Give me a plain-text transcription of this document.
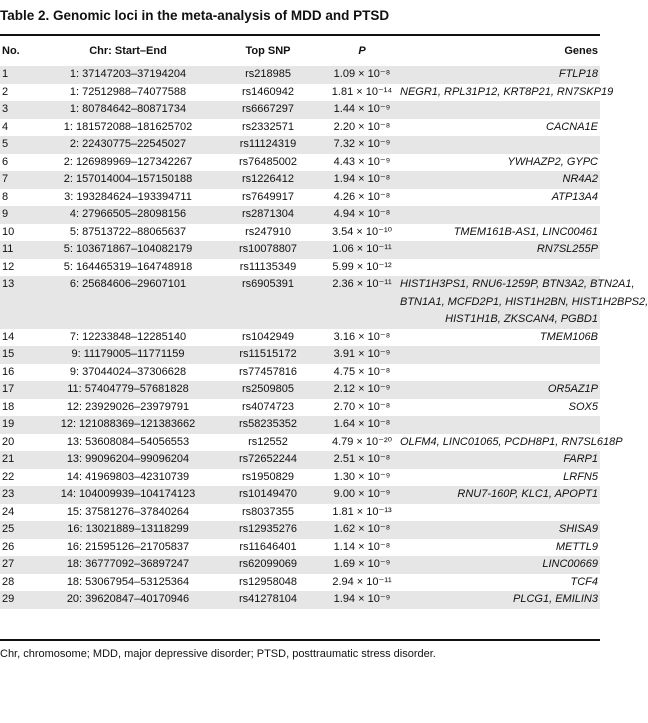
Table 2. Genomic loci in the meta-analysis of MDD and PTSD
No.	Chr: Start–End	Top SNP	P	Genes
1	1: 37147203–37194204	rs218985	1.09 × 10⁻⁸	FTLP18

2	1: 72512988–74077588	rs1460942	1.81 × 10⁻¹⁴	NEGR1, RPL31P12, KRT8P21, RN7SKP19

3	1: 80784642–80871734	rs6667297	1.44 × 10⁻⁹	
4	1: 181572088–181625702	rs2332571	2.20 × 10⁻⁸	CACNA1E

5	2: 22430775–22545027	rs11124319	7.32 × 10⁻⁹	
6	2: 126989969–127342267	rs76485002	4.43 × 10⁻⁹	YWHAZP2, GYPC

7	2: 157014004–157150188	rs1226412	1.94 × 10⁻⁸	NR4A2

8	3: 193284624–193394711	rs7649917	4.26 × 10⁻⁸	ATP13A4

9	4: 27966505–28098156	rs2871304	4.94 × 10⁻⁸	
10	5: 87513722–88065637	rs247910	3.54 × 10⁻¹⁰	TMEM161B-AS1, LINC00461

11	5: 103671867–104082179	rs10078807	1.06 × 10⁻¹¹	RN7SL255P

12	5: 164465319–164748918	rs11135349	5.99 × 10⁻¹²	
13	6: 25684606–29607101	rs6905391	2.36 × 10⁻¹¹	HIST1H3PS1, RNU6-1259P, BTN3A2, BTN2A1,
BTN1A1, MCFD2P1, HIST1H2BN, HIST1H2BPS2,
HIST1H1B, ZKSCAN4, PGBD1

14	7: 12233848–12285140	rs1042949	3.16 × 10⁻⁸	TMEM106B

15	9: 11179005–11771159	rs11515172	3.91 × 10⁻⁹	
16	9: 37044024–37306628	rs77457816	4.75 × 10⁻⁸	
17	11: 57404779–57681828	rs2509805	2.12 × 10⁻⁹	OR5AZ1P

18	12: 23929026–23979791	rs4074723	2.70 × 10⁻⁸	SOX5

19	12: 121088369–121383662	rs58235352	1.64 × 10⁻⁸	
20	13: 53608084–54056553	rs12552	4.79 × 10⁻²⁰	OLFM4, LINC01065, PCDH8P1, RN7SL618P

21	13: 99096204–99096204	rs72652244	2.51 × 10⁻⁸	FARP1

22	14: 41969803–42310739	rs1950829	1.30 × 10⁻⁹	LRFN5

23	14: 104009939–104174123	rs10149470	9.00 × 10⁻⁹	RNU7-160P, KLC1, APOPT1

24	15: 37581276–37840264	rs8037355	1.81 × 10⁻¹³	
25	16: 13021889–13118299	rs12935276	1.62 × 10⁻⁸	SHISA9

26	16: 21595126–21705837	rs11646401	1.14 × 10⁻⁸	METTL9

27	18: 36777092–36897247	rs62099069	1.69 × 10⁻⁹	LINC00669

28	18: 53067954–53125364	rs12958048	2.94 × 10⁻¹¹	TCF4

29	20: 39620847–40170946	rs41278104	1.94 × 10⁻⁹	PLCG1, EMILIN3
Chr, chromosome; MDD, major depressive disorder; PTSD, posttraumatic stress disorder.
